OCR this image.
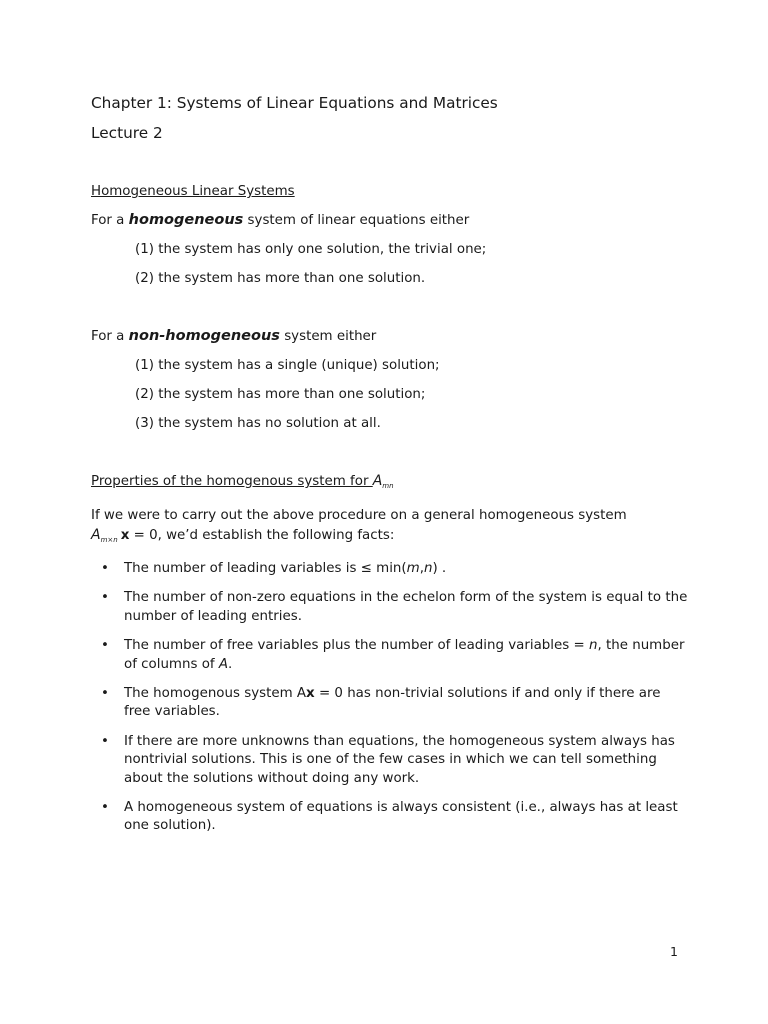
Chapter 1: Systems of Linear Equations and Matrices
Lecture 2
Homogeneous Linear Systems
For a homogeneous system of linear equations either
(1) the system has only one solution, the trivial one;
(2) the system has more than one solution.
For a non-homogeneous system either
(1) the system has a single (unique) solution;
(2) the system has more than one solution;
(3) the system has no solution at all.
Properties of the homogenous system for $A_{mn}$
If we were to carry out the above procedure on a general homogeneous system
$A_{m\times n}$ x = 0, we’d establish the following facts:
• The number of leading variables is ≤ min(m,n) .
• The number of non-zero equations in the echelon form of the system is equal to the number of leading entries.
• The number of free variables plus the number of leading variables = n, the number of columns of A.
• The homogenous system Ax = 0 has non-trivial solutions if and only if there are free variables.
• If there are more unknowns than equations, the homogeneous system always has nontrivial solutions. This is one of the few cases in which we can tell something about the solutions without doing any work.
• A homogeneous system of equations is always consistent (i.e., always has at least one solution).
1
